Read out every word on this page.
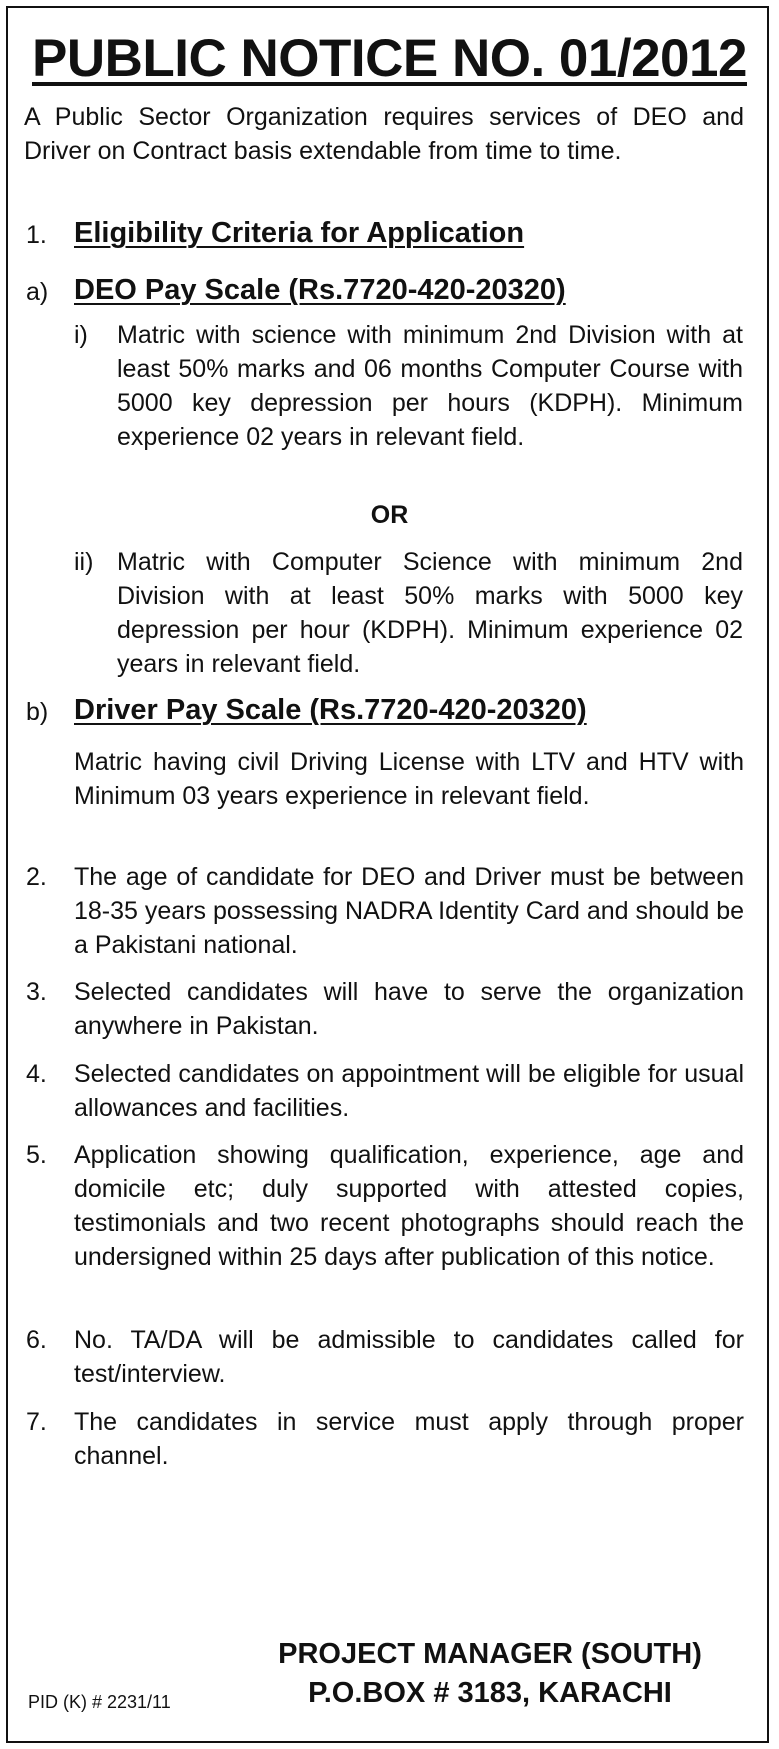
PUBLIC NOTICE NO. 01/2012
A Public Sector Organization requires services of DEO and Driver on Contract basis extendable from time to time.
1. Eligibility Criteria for Application
a) DEO Pay Scale (Rs.7720-420-20320)
i) Matric with science with minimum 2nd Division with at least 50% marks and 06 months Computer Course with 5000 key depression per hours (KDPH). Minimum experience 02 years in relevant field.
OR
ii) Matric with Computer Science with minimum 2nd Division with at least 50% marks with 5000 key depression per hour (KDPH). Minimum experience 02 years in relevant field.
b) Driver Pay Scale (Rs.7720-420-20320)
Matric having civil Driving License with LTV and HTV with Minimum 03 years experience in relevant field.
2. The age of candidate for DEO and Driver must be between 18-35 years possessing NADRA Identity Card and should be a Pakistani national.
3. Selected candidates will have to serve the organization anywhere in Pakistan.
4. Selected candidates on appointment will be eligible for usual allowances and facilities.
5. Application showing qualification, experience, age and domicile etc; duly supported with attested copies, testimonials and two recent photographs should reach the undersigned within 25 days after publication of this notice.
6. No. TA/DA will be admissible to candidates called for test/interview.
7. The candidates in service must apply through proper channel.
PROJECT MANAGER (SOUTH)
P.O.BOX # 3183, KARACHI
PID (K) # 2231/11
